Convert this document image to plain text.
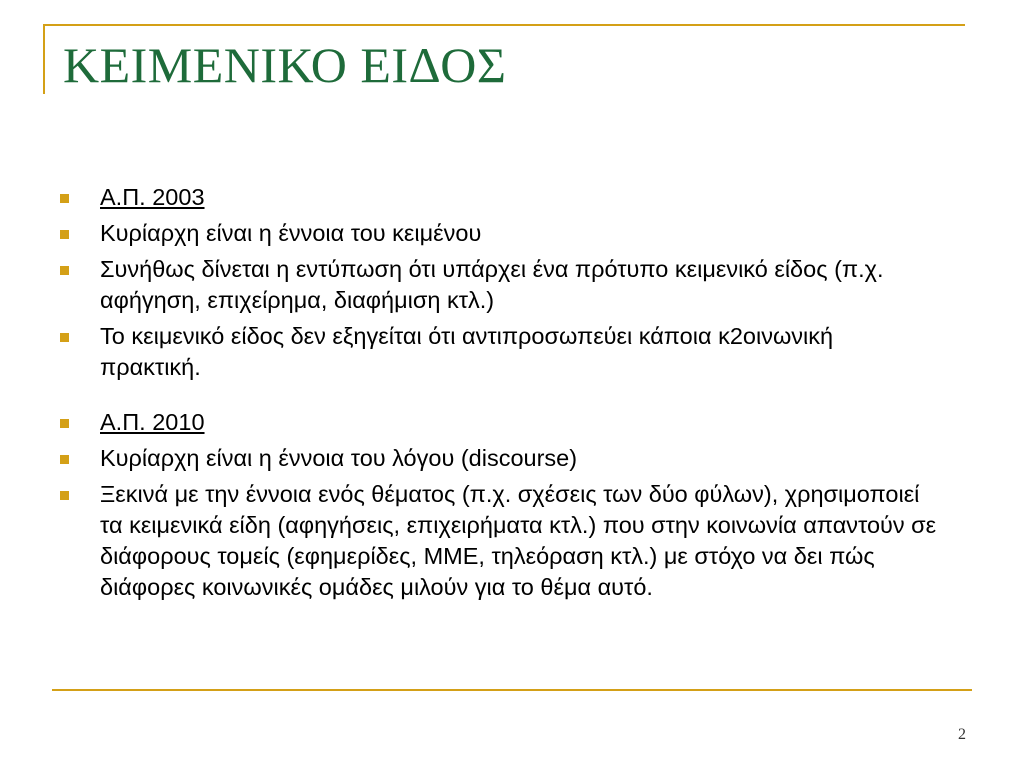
ΚΕΙΜΕΝΙΚΟ ΕΙΔΟΣ
Α.Π. 2003
Κυρίαρχη είναι η έννοια του κειμένου
Συνήθως δίνεται η εντύπωση ότι υπάρχει ένα πρότυπο κειμενικό είδος (π.χ. αφήγηση, επιχείρημα, διαφήμιση κτλ.)
Το κειμενικό είδος δεν εξηγείται ότι αντιπροσωπεύει κάποια κ2οινωνική πρακτική.
Α.Π. 2010
Κυρίαρχη είναι η έννοια του λόγου (discourse)
Ξεκινά με την έννοια ενός θέματος (π.χ. σχέσεις των δύο φύλων), χρησιμοποιεί τα κειμενικά είδη (αφηγήσεις, επιχειρήματα κτλ.) που στην κοινωνία απαντούν σε διάφορους τομείς (εφημερίδες, ΜΜΕ, τηλεόραση κτλ.) με στόχο να δει πώς διάφορες κοινωνικές ομάδες μιλούν για το θέμα αυτό.
2
